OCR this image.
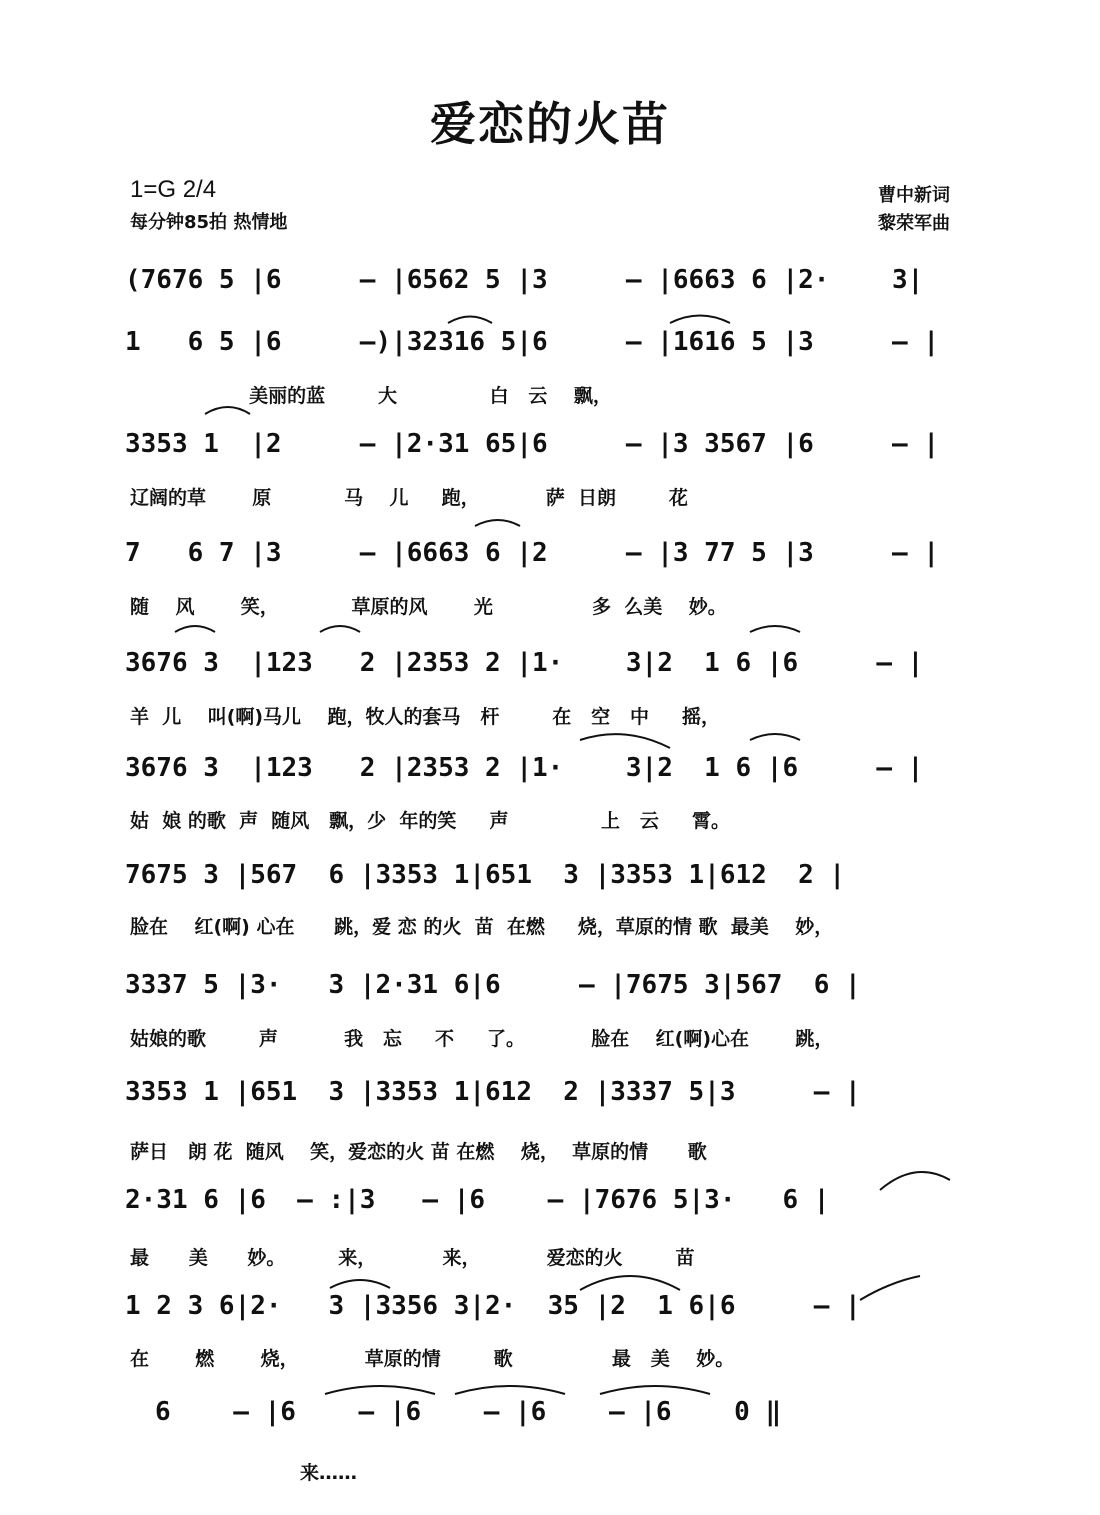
爱恋的火苗
1=G 2/4
每分钟85拍 热情地
曹中新词
黎荣军曲
(7676 5 |6     – |6562 5 |3     – |6663 6 |2·    3|
1   6 5 |6     –)|32316 5|6     – |1616 5 |3     – |
美丽的蓝        大              白   云    飘，
3353 1  |2     – |2·31 65|6     – |3 3567 |6     – |
辽阔的草       原           马    儿     跑，          萨  日朗        花
7   6 7 |3     – |6663 6 |2     – |3 77 5 |3     – |
随    风       笑，           草原的风       光               多  么美    妙。
3676 3  |123   2 |2353 2 |1·    3|2  1 6 |6     – |
羊  儿    叫(啊)马儿    跑，牧人的套马   杆        在   空   中     摇，
3676 3  |123   2 |2353 2 |1·    3|2  1 6 |6     – |
姑  娘 的歌  声  随风   飘，少  年的笑     声              上   云     霄。
7675 3 |567  6 |3353 1|651  3 |3353 1|612  2 |
脸在    红(啊) 心在      跳，爱 恋 的火  苗  在燃     烧，草原的情 歌  最美    妙，
3337 5 |3·   3 |2·31 6|6     – |7675 3|567  6 |
姑娘的歌        声          我   忘     不     了。          脸在    红(啊)心在       跳，
3353 1 |651  3 |3353 1|612  2 |3337 5|3     – |
萨日   朗 花  随风    笑，爱恋的火 苗 在燃    烧，  草原的情      歌
2·31 6 |6  – :|3   – |6    – |7676 5|3·   6 |
最      美      妙。        来，          来，          爱恋的火        苗
1 2 3 6|2·   3 |3356 3|2·  35 |2  1 6|6     – |
在       燃       烧，          草原的情        歌               最   美    妙。
6    – |6    – |6    – |6    – |6    0 ‖
来……
